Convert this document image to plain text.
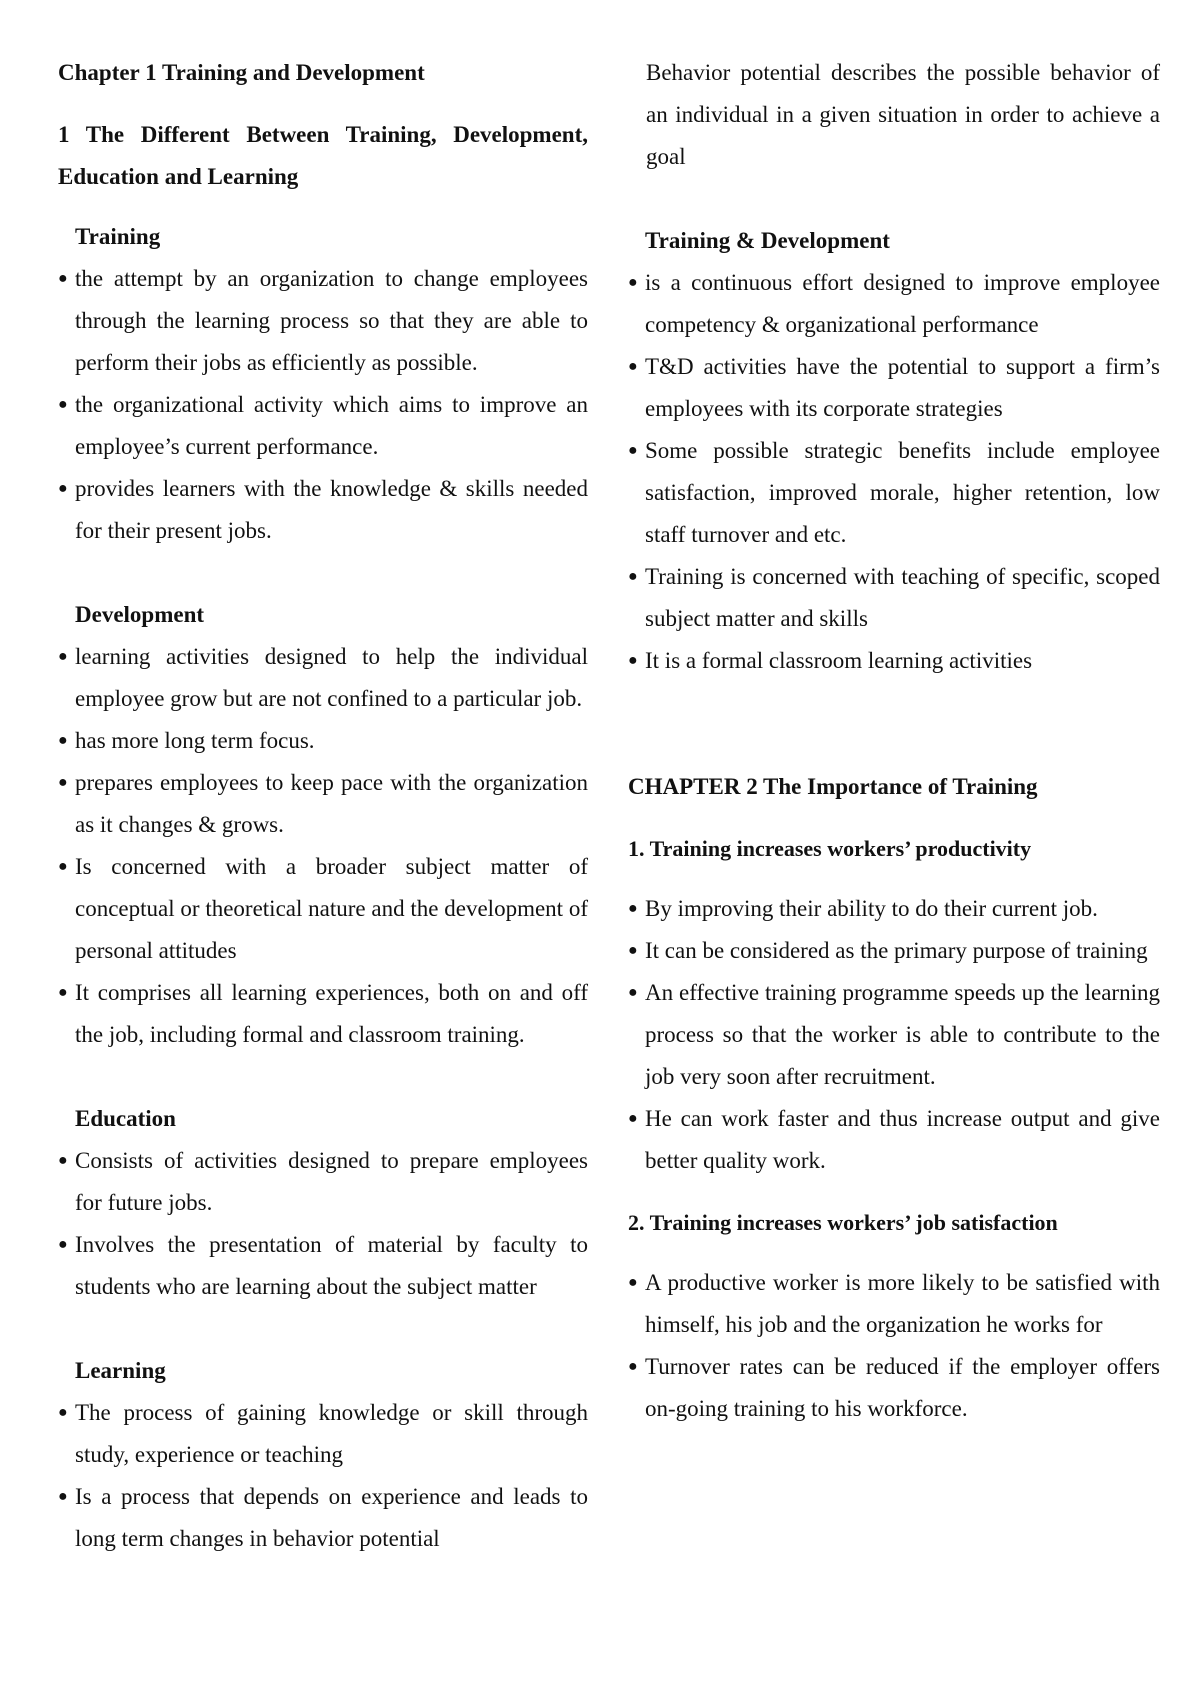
Chapter 1 Training and Development
1 The Different Between Training, Development, Education and Learning
Training
● the attempt by an organization to change employees through the learning process so that they are able to perform their jobs as efficiently as possible.
● the organizational activity which aims to improve an employee’s current performance.
● provides learners with the knowledge & skills needed for their present jobs.
Development
● learning activities designed to help the individual employee grow but are not confined to a particular job.
● has more long term focus.
● prepares employees to keep pace with the organization as it changes & grows.
● Is concerned with a broader subject matter of conceptual or theoretical nature and the development of personal attitudes
● It comprises all learning experiences, both on and off the job, including formal and classroom training.
Education
● Consists of activities designed to prepare employees for future jobs.
● Involves the presentation of material by faculty to students who are learning about the subject matter
Learning
● The process of gaining knowledge or skill through study, experience or teaching
● Is a process that depends on experience and leads to long term changes in behavior potential
Behavior potential describes the possible behavior of an individual in a given situation in order to achieve a goal
Training & Development
● is a continuous effort designed to improve employee competency & organizational performance
● T&D activities have the potential to support a firm’s employees with its corporate strategies
● Some possible strategic benefits include employee satisfaction, improved morale, higher retention, low staff turnover and etc.
● Training is concerned with teaching of specific, scoped subject matter and skills
● It is a formal classroom learning activities
CHAPTER 2 The Importance of Training
1. Training increases workers’ productivity
● By improving their ability to do their current job.
● It can be considered as the primary purpose of training
● An effective training programme speeds up the learning process so that the worker is able to contribute to the job very soon after recruitment.
● He can work faster and thus increase output and give better quality work.
2. Training increases workers’ job satisfaction
● A productive worker is more likely to be satisfied with himself, his job and the organization he works for
● Turnover rates can be reduced if the employer offers on-going training to his workforce.
